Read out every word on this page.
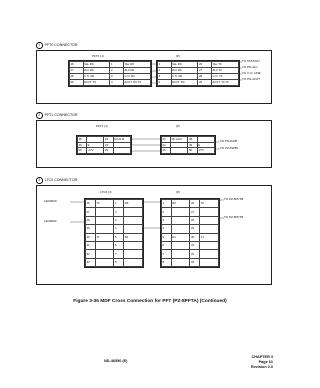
1	PFT0 CONNECTOR
PFT0 (J)	(P)
26	Sta. R0	1	Sta. R0
27	#LC R0	2	#LC R0
28	C.O. R0	3	C.O. R0
29	#COT. T0	4	#COT. R0 T0
1	Sta. R0	26	Sta. T0
2	#LC R0	27	#LC T0
3	C.O. R0	28	C.O. T0
4	#COT. R0	29	#COT. T0 T0
TO STATION
TO PN-4LC
TO C.O. LINE
TO PN-4COT
2	PFT1 CONNECTOR
PFT1 (J)	(P)
48		23	MJ ALM
49	E	24	
50	-27V	25	
23	MJ ALM	48	
24		49	E
25		50	-27V
TO PN-DAIB
TO PZ-PW86
3	LTC0 CONNECTOR
LTC0 (J)	(P)
LEN0000
LEN0002
26	T0	1	R0
27		2	
28		3	
29		4	
30	T1	5	R1
31		6	
32		7	
33		8	
1	R0	26	T0
2		27	
3		28	
4		29	
5	R1	30	T1
6		31	
7		32	
8		33	
TO PZ-8PFTB
TO PZ-8PFTB
Figure 3-36 MDF Cross Connection for PFT (PZ-8PFTA) (Continued)
ND-46550 (E)
CHAPTER 3
Page 61
Revision 2.0
